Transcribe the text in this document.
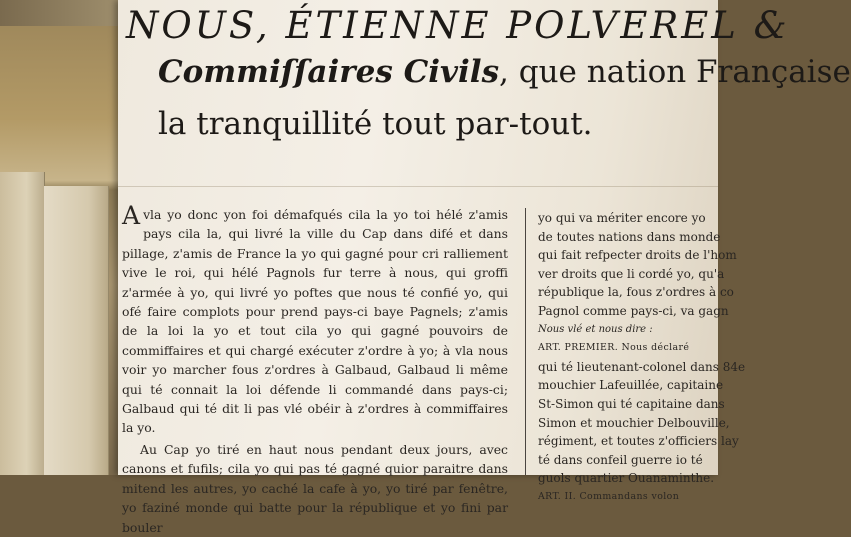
NOUS, ÉTIENNE POLVEREL &
Commiſſaires Civils, que nation Française
la tranquillité tout par-tout.

Avla yo donc yon foi démafqués cila la yo toi hélé z'amis pays cila la, qui livré la ville du Cap dans difé et dans pillage, z'amis de France la yo qui gagné pour cri ralliement vive le roi, qui hélé Pagnols fur terre à nous, qui groffi z'armée à yo, qui livré yo poftes que nous té confié yo, qui ofé faire complots pour prend pays-ci baye Pagnels; z'amis de la loi la yo et tout cila yo qui gagné pouvoirs de commiffaires et qui chargé exécuter z'ordre à yo; à vla nous voir yo marcher fous z'ordres à Galbaud, Galbaud li même qui té connait la loi défende li commandé dans pays-ci; Galbaud qui té dit li pas vlé obéir à z'ordres à commiffaires la yo.

Au Cap yo tiré en haut nous pendant deux jours, avec canons et fufils; cila yo qui pas té gagné quior paraitre dans mitend les autres, yo caché la cafe à yo, yo tiré par fenêtre, yo faziné monde qui batte pour la république et yo fini par bouler

yo qui va mériter encore yo
de toutes nations dans monde
qui fait refpecter droits de l'hom
ver droits que li cordé yo, qu'a
république la, fous z'ordres à co
Pagnol comme pays-ci, va gagn
Nous vlé et nous dire :
ART. PREMIER. Nous déclaré
qui té lieutenant-colonel dans 84e
mouchier Lafeuillée, capitaine
St-Simon qui té capitaine dans
Simon et mouchier Delbouville,
régiment, et toutes z'officiers lay
té dans confeil guerre io té
guols quartier Ouanaminthe.
ART. II. Commandans volon
